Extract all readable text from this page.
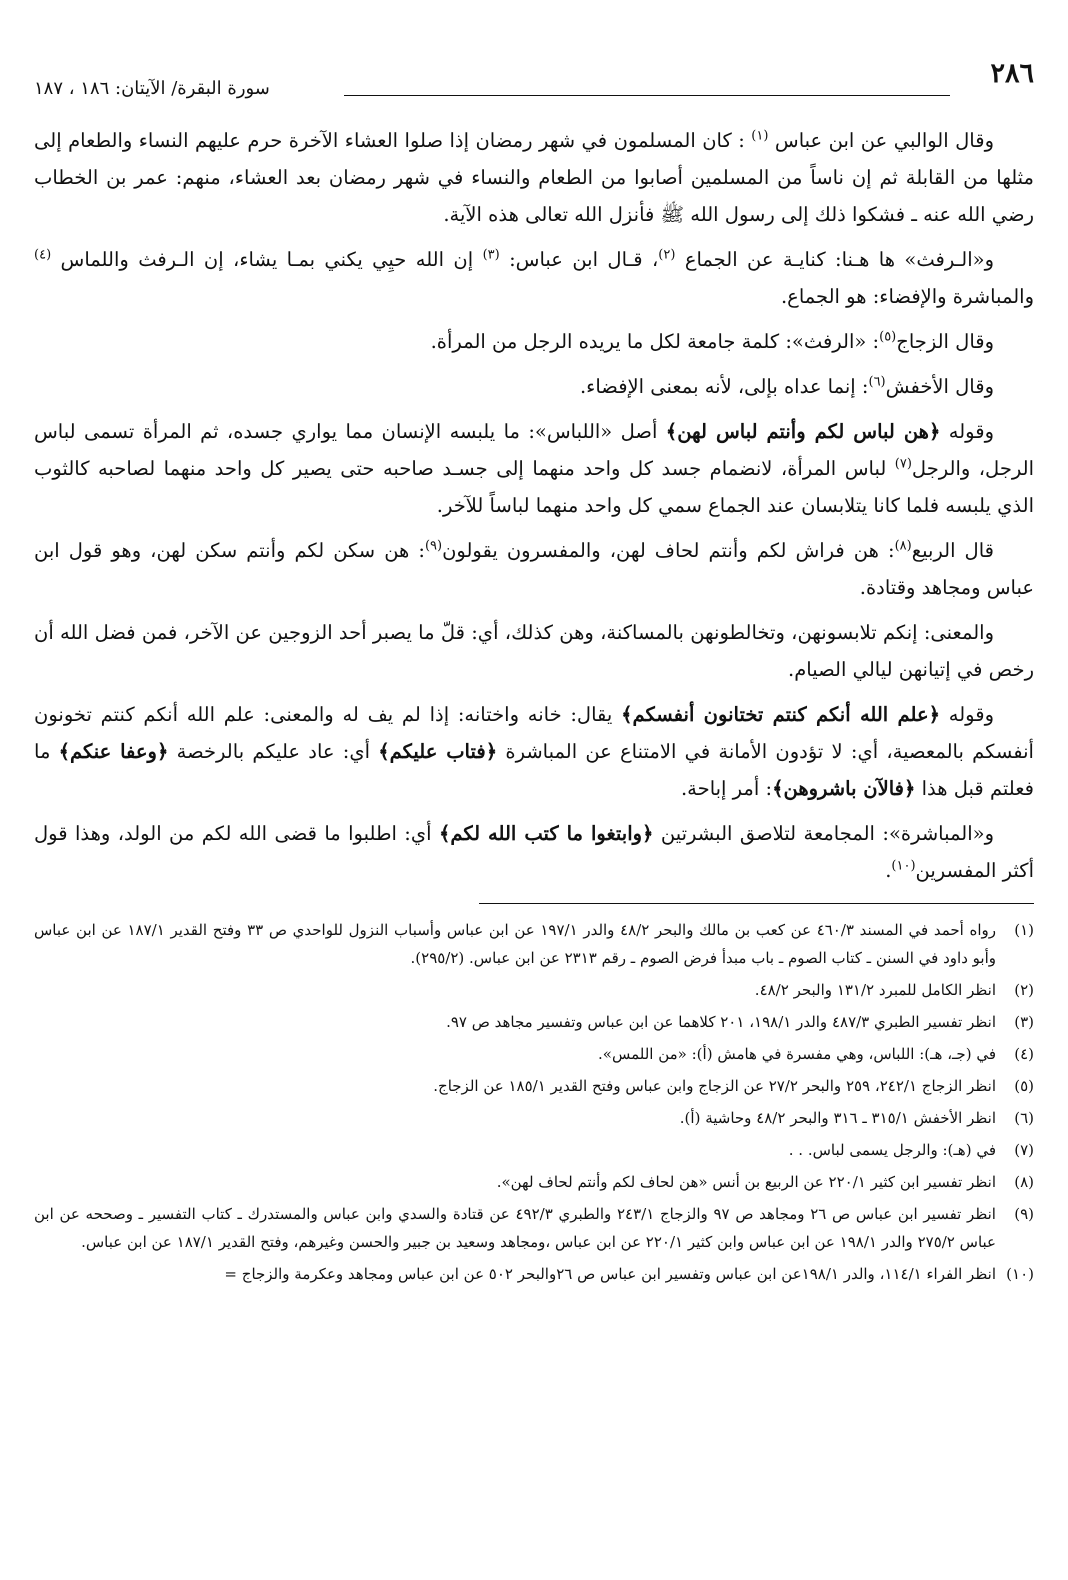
٢٨٦
سورة البقرة/ الآيتان: ١٨٦ ، ١٨٧

وقال الوالبي عن ابن عباس $^{(١)}$ : كان المسلمون في شهر رمضان إذا صلوا العشاء الآخرة حرم عليهم النساء والطعام إلى مثلها من القابلة ثم إن ناساً من المسلمين أصابوا من الطعام والنساء في شهر رمضان بعد العشاء، منهم: عمر بن الخطاب رضي الله عنه ـ فشكوا ذلك إلى رسول الله ﷺ فأنزل الله تعالى هذه الآية.

و«الـرفث» ها هـنا: كنايـة عن الجماع $^{(٢)}$، قـال ابن عباس: $^{(٣)}$ إن الله حيِي يكني بمـا يشاء، إن الـرفث واللماس $^{(٤)}$ والمباشرة والإفضاء: هو الجماع.

وقال الزجاج$^{(٥)}$: «الرفث»: كلمة جامعة لكل ما يريده الرجل من المرأة.

وقال الأخفش$^{(٦)}$: إنما عداه بإلى، لأنه بمعنى الإفضاء.

وقوله ﴿هن لباس لكم وأنتم لباس لهن﴾ أصل «اللباس»: ما يلبسه الإنسان مما يواري جسده، ثم المرأة تسمى لباس الرجل، والرجل$^{(٧)}$ لباس المرأة، لانضمام جسد كل واحد منهما إلى جسـد صاحبه حتى يصير كل واحد منهما لصاحبه كالثوب الذي يلبسه فلما كانا يتلابسان عند الجماع سمي كل واحد منهما لباساً للآخر.

قال الربيع$^{(٨)}$: هن فراش لكم وأنتم لحاف لهن، والمفسرون يقولون$^{(٩)}$: هن سكن لكم وأنتم سكن لهن، وهو قول ابن عباس ومجاهد وقتادة.

والمعنى: إنكم تلابسونهن، وتخالطونهن بالمساكنة، وهن كذلك، أي: قلّ ما يصبر أحد الزوجين عن الآخر، فمن فضل الله أن رخص في إتيانهن ليالي الصيام.

وقوله ﴿علم الله أنكم كنتم تختانون أنفسكم﴾ يقال: خانه واختانه: إذا لم يف له والمعنى: علم الله أنكم كنتم تخونون أنفسكم بالمعصية، أي: لا تؤدون الأمانة في الامتناع عن المباشرة ﴿فتاب عليكم﴾ أي: عاد عليكم بالرخصة ﴿وعفا عنكم﴾ ما فعلتم قبل هذا ﴿فالآن باشروهن﴾: أمر إباحة.

و«المباشرة»: المجامعة لتلاصق البشرتين ﴿وابتغوا ما كتب الله لكم﴾ أي: اطلبوا ما قضى الله لكم من الولد، وهذا قول أكثر المفسرين$^{(١٠)}$.

(١)
رواه أحمد في المسند ٤٦٠/٣ عن كعب بن مالك والبحر ٤٨/٢ والدر ١٩٧/١ عن ابن عباس وأسباب النزول للواحدي ص ٣٣ وفتح القدير ١٨٧/١ عن ابن عباس وأبو داود في السنن ـ كتاب الصوم ـ باب مبدأ فرض الصوم ـ رقم ٢٣١٣ عن ابن عباس. (٢٩٥/٢).
(٢)
انظر الكامل للمبرد ١٣١/٢ والبحر ٤٨/٢.
(٣)
انظر تفسير الطبري ٤٨٧/٣ والدر ١٩٨/١، ٢٠١ كلاهما عن ابن عباس وتفسير مجاهد ص ٩٧.
(٤)
في (جـ، هـ): اللباس، وهي مفسرة في هامش (أ): «من اللمس».
(٥)
انظر الزجاج ٢٤٢/١، ٢٥٩ والبحر ٢٧/٢ عن الزجاج وابن عباس وفتح القدير ١٨٥/١ عن الزجاج.
(٦)
انظر الأخفش ٣١٥/١ ـ ٣١٦ والبحر ٤٨/٢ وحاشية (أ).
(٧)
في (هـ): والرجل يسمى لباس. . .
(٨)
انظر تفسير ابن كثير ٢٢٠/١ عن الربيع بن أنس «هن لحاف لكم وأنتم لحاف لهن».
(٩)
انظر تفسير ابن عباس ص ٢٦ ومجاهد ص ٩٧ والزجاج ٢٤٣/١ والطبري ٤٩٢/٣ عن قتادة والسدي وابن عباس والمستدرك ـ كتاب التفسير ـ وصححه عن ابن عباس ٢٧٥/٢ والدر ١٩٨/١ عن ابن عباس وابن كثير ٢٢٠/١ عن ابن عباس ،ومجاهد وسعيد بن جبير والحسن وغيرهم، وفتح القدير ١٨٧/١ عن ابن عباس.
(١٠)
انظر الفراء ١١٤/١، والدر ١٩٨/١عن ابن عباس وتفسير ابن عباس ص ٢٦والبحر ٥٠٢ عن ابن عباس ومجاهد وعكرمة والزجاج =
